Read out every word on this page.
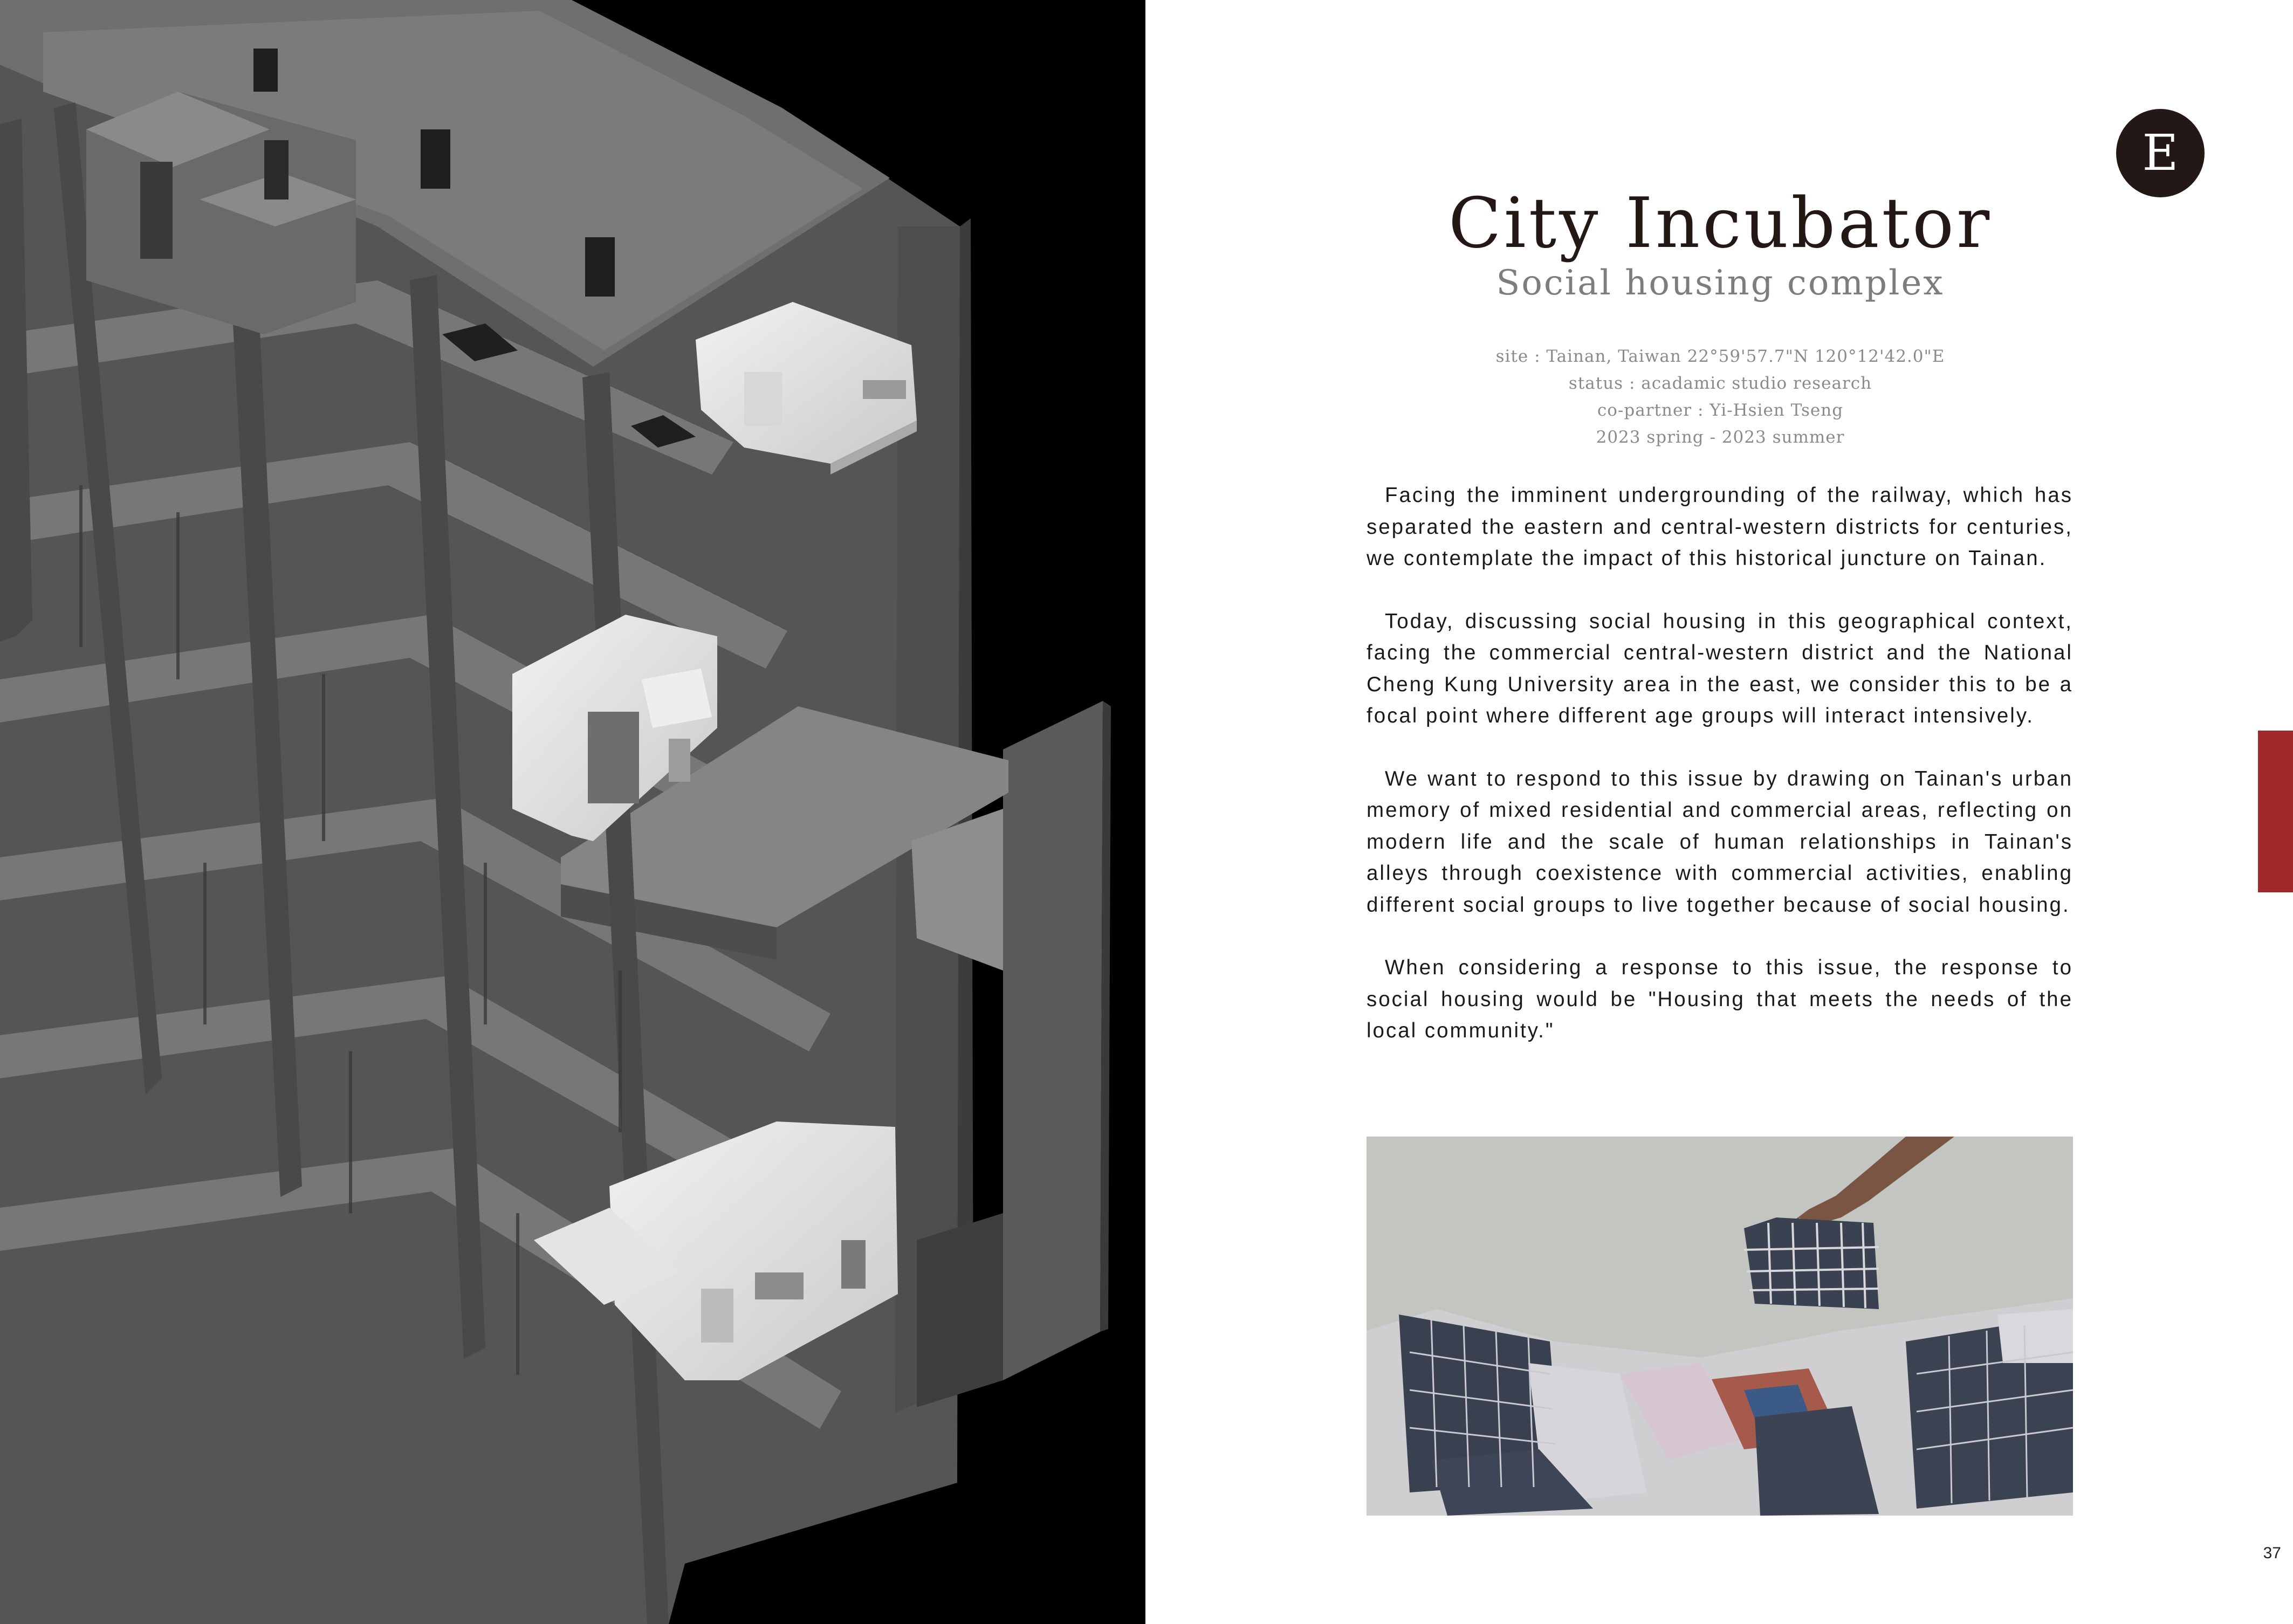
E
City Incubator
Social housing complex
site : Tainan, Taiwan 22°59'57.7"N 120°12'42.0"E
status : acadamic studio research
co-partner : Yi-Hsien Tseng
2023 spring - 2023 summer

Facing the imminent undergrounding of the railway, which has separated the eastern and central-western districts for centuries, we contemplate the impact of this historical juncture on Tainan.

Today, discussing social housing in this geographical context, facing the commercial central-western district and the National Cheng Kung University area in the east, we consider this to be a focal point where different age groups will interact intensively.

We want to respond to this issue by drawing on Tainan's urban memory of mixed residential and commercial areas, reflecting on modern life and the scale of human relationships in Tainan's alleys through coexistence with commercial activities, enabling different social groups to live together because of social housing.

When considering a response to this issue, the response to social housing would be "Housing that meets the needs of the local community."

37
